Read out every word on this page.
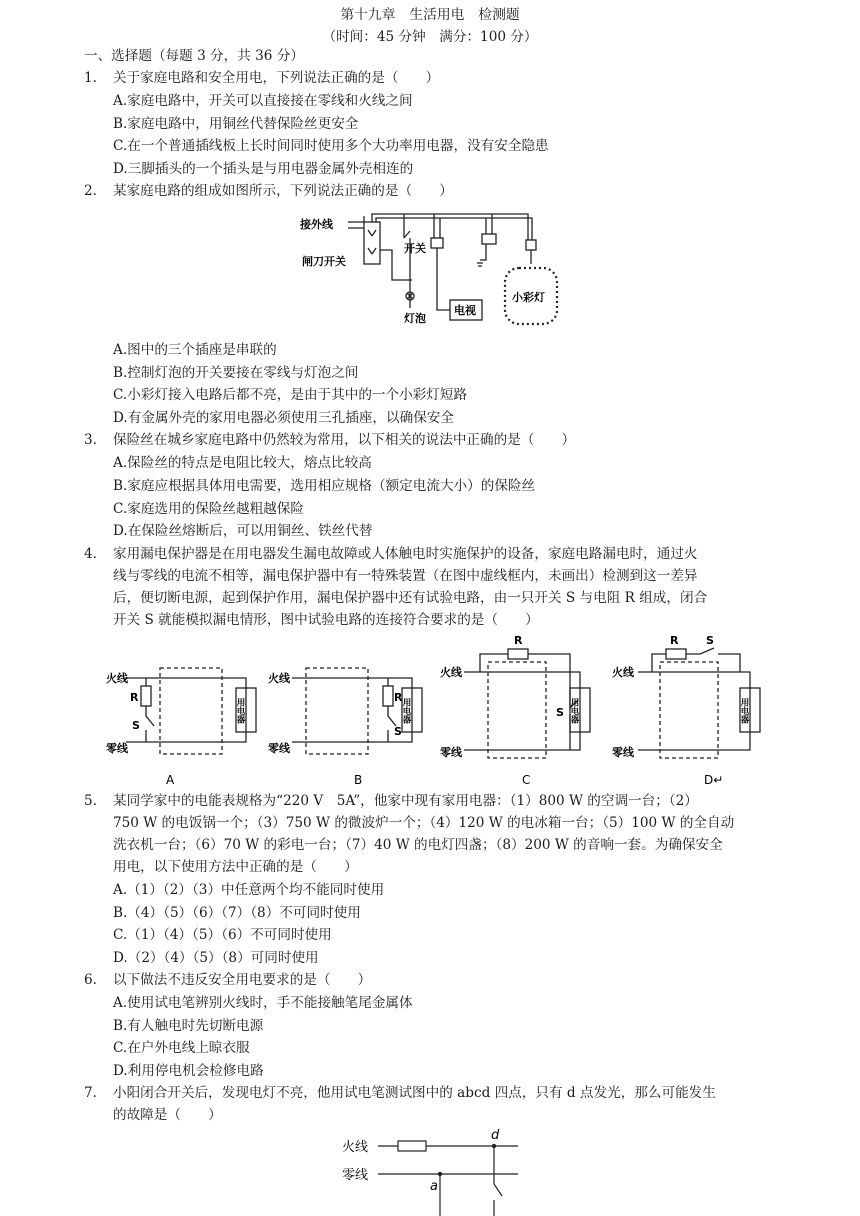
第十九章　生活用电　检测题
（时间：45 分钟　满分：100 分）
一、选择题（每题 3 分，共 36 分）
1. 关于家庭电路和安全用电，下列说法正确的是（　　）
A.家庭电路中，开关可以直接接在零线和火线之间
B.家庭电路中，用铜丝代替保险丝更安全
C.在一个普通插线板上长时间同时使用多个大功率用电器，没有安全隐患
D.三脚插头的一个插头是与用电器金属外壳相连的
2. 某家庭电路的组成如图所示，下列说法正确的是（　　）
接外线
闸刀开关
开关
灯泡
电视
小彩灯
A.图中的三个插座是串联的
B.控制灯泡的开关要接在零线与灯泡之间
C.小彩灯接入电路后都不亮，是由于其中的一个小彩灯短路
D.有金属外壳的家用电器必须使用三孔插座，以确保安全
3. 保险丝在城乡家庭电路中仍然较为常用，以下相关的说法中正确的是（　　）
A.保险丝的特点是电阻比较大，熔点比较高
B.家庭应根据具体用电需要，选用相应规格（额定电流大小）的保险丝
C.家庭选用的保险丝越粗越保险
D.在保险丝熔断后，可以用铜丝、铁丝代替
4. 家用漏电保护器是在用电器发生漏电故障或人体触电时实施保护的设备，家庭电路漏电时，通过火
线与零线的电流不相等，漏电保护器中有一特殊装置（在图中虚线框内，未画出）检测到这一差异
后，便切断电源，起到保护作用，漏电保护器中还有试验电路，由一只开关 S 与电阻 R 组成，闭合
开关 S 就能模拟漏电情形，图中试验电路的连接符合要求的是（　　）
火线
零线
R
S
火线
零线
R
S
火线
零线
R
S
火线
零线
R	S
用电器	用电器	用电器	用电器
A	B	C	D↵
5. 某同学家中的电能表规格为“220 V　5A”，他家中现有家用电器：（1）800 W 的空调一台；（2）
750 W 的电饭锅一个；（3）750 W 的微波炉一个；（4）120 W 的电冰箱一台；（5）100 W 的全自动
洗衣机一台；（6）70 W 的彩电一台；（7）40 W 的电灯四盏；（8）200 W 的音响一套。为确保安全
用电，以下使用方法中正确的是（　　）
A.（1）（2）（3）中任意两个均不能同时使用
B.（4）（5）（6）（7）（8）不可同时使用
C.（1）（4）（5）（6）不可同时使用
D.（2）（4）（5）（8）可同时使用
6. 以下做法不违反安全用电要求的是（　　）
A.使用试电笔辨别火线时，手不能接触笔尾金属体
B.有人触电时先切断电源
C.在户外电线上晾衣服
D.利用停电机会检修电路
7. 小阳闭合开关后，发现电灯不亮，他用试电笔测试图中的 abcd 四点，只有 d 点发光，那么可能发生
的故障是（　　）
火线
零线
d
a
